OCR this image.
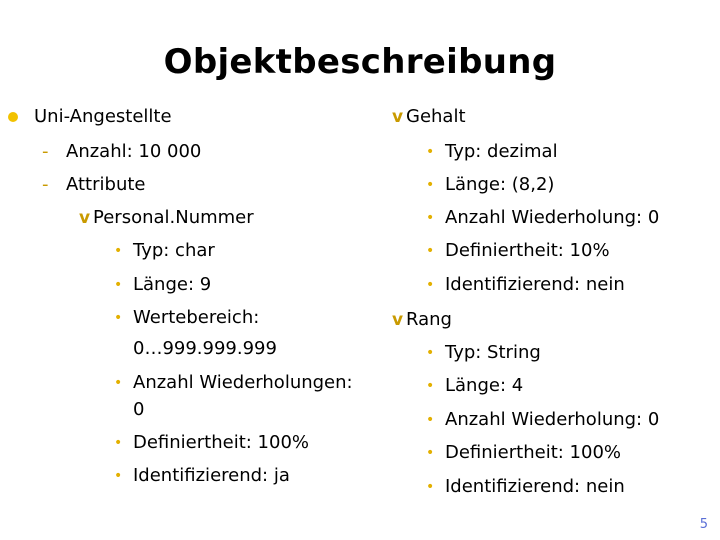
Objektbeschreibung
Uni-Angestellte
- Anzahl: 10 000
- Attribute
v Personal.Nummer
• Typ: char
• Länge: 9
• Wertebereich:
0…999.999.999
• Anzahl Wiederholungen:
0
• Definiertheit: 100%
• Identifizierend: ja
v Gehalt
• Typ: dezimal
• Länge: (8,2)
• Anzahl Wiederholung: 0
• Definiertheit: 10%
• Identifizierend: nein
v Rang
• Typ: String
• Länge: 4
• Anzahl Wiederholung: 0
• Definiertheit: 100%
• Identifizierend: nein
5
